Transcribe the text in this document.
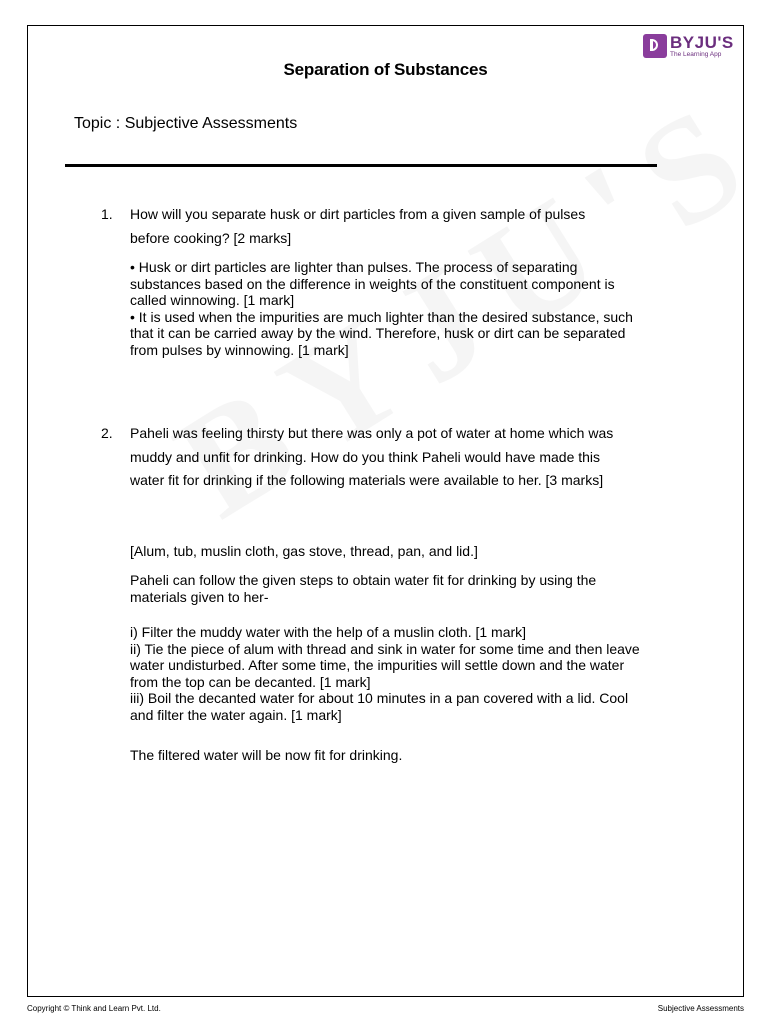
BYJU'S
The Learning App
Separation of Substances
Topic : Subjective Assessments
1. How will you separate husk or dirt particles from a given sample of pulses before cooking? [2 marks]

• Husk or dirt particles are lighter than pulses. The process of separating substances based on the difference in weights of the constituent component is called winnowing. [1 mark]

• It is used when the impurities are much lighter than the desired substance, such that it can be carried away by the wind. Therefore, husk or dirt can be separated from pulses by winnowing. [1 mark]

2. Paheli was feeling thirsty but there was only a pot of water at home which was muddy and unfit for drinking. How do you think Paheli would have made this water fit for drinking if the following materials were available to her. [3 marks]
[Alum, tub, muslin cloth, gas stove, thread, pan, and lid.]
Paheli can follow the given steps to obtain water fit for drinking by using the materials given to her-

i) Filter the muddy water with the help of a muslin cloth. [1 mark]

ii) Tie the piece of alum with thread and sink in water for some time and then leave water undisturbed. After some time, the impurities will settle down and the water from the top can be decanted. [1 mark]

iii) Boil the decanted water for about 10 minutes in a pan covered with a lid. Cool and filter the water again. [1 mark]

The filtered water will be now fit for drinking.
Copyright © Think and Learn Pvt. Ltd.	Subjective Assessments
